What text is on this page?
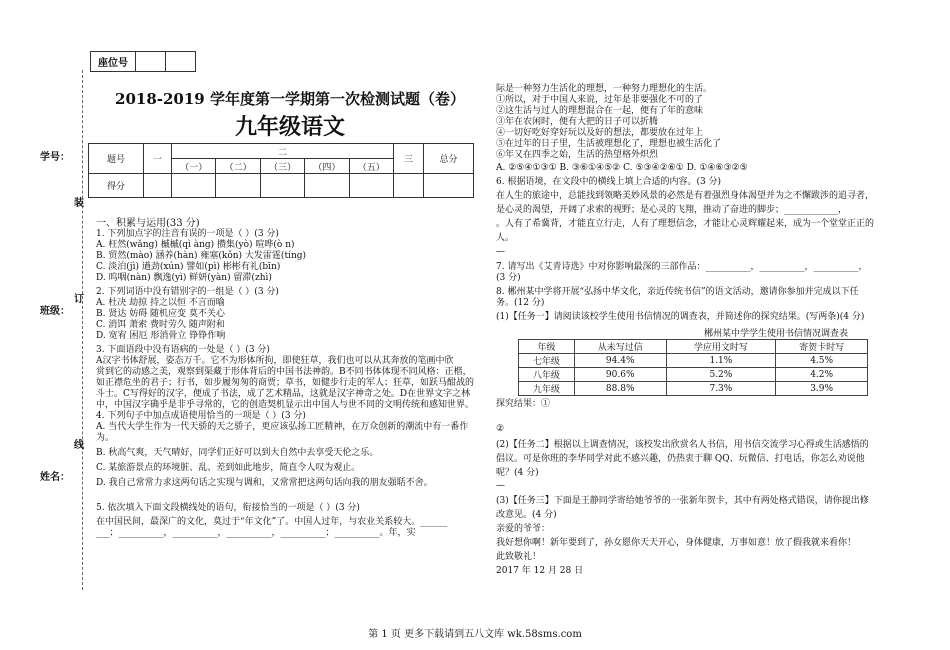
座位号		
学号：
班级：
姓名：
装
订
线
2018-2019 学年度第一学期第一次检测试题（卷）
九年级语文
题号	一	二					三	总分
		（一）	（二）	（三）	（四）	（五）		
得分								
一、积累与运用(33 分)
1. 下列加点字的注音有误的一项是（ ）(3 分)
A. 枉然(wǎng) 槭槭(qì àng) 攒集(yò) 喧哗(ò n)
B. 贸然(mào) 涵养(hàn) 雍塞(kǒn) 大发雷霆(tíng)
C. 淡泊(jì) 遒劲(xún) 譬如(pì) 彬彬有礼(bīn)
D. 呜咽(nàn) 飘逸(yì) 鲜妍(yàn) 留滞(zhì)
2. 下列词语中没有错别字的一组是（ ）(3 分)
A. 杜决 劫掠 持之以恒 不言而喻
B. 贤达 妨碍 随机应变 莫不关心
C. 消饵 萧索 费时劳久 随声附和
D. 宽宥 困厄 形消骨立 铮铮作响
3. 下面语段中没有语病的一处是（ ）(3 分)
A汉字书体舒展，姿态万千。它不为形体所拘，即使狂草，我们也可以从其奔放的笔画中欣
赏到它的动感之美，观察到渠藏于形体背后的中国书法神韵。B不同书体体现不同风格：正楷，
如正襟危坐的君子；行书，如步履匆匆的商贾；草书，如健步行走的军人；狂草，如跃马酣战的
斗士。C写得好的汉字，便成了书法，成了艺术精品，这就是汉字神奇之处。D在世界文字之林
中，中国汉字确乎是非乎寻常的，它的创造契机显示出中国人与世不同的文明传统和感知世界。
4. 下列句子中加点成语使用恰当的一项是（ ）(3 分)
A. 当代大学生作为一代天骄的天之骄子，更应该弘扬工匠精神，在万众创新的潮流中有一番作
为。
B. 秋高气爽，天气晴好，同学们正好可以到大自然中去享受天伦之乐。
C. 某旅游景点的环境脏、乱、差到如此地步，简直令人叹为观止。
D. 我自己常常力求这两句话之实现与调和，又常常把这两句话向我的朋友强聒不舍。
5. 依次填入下面文段横线处的语句，衔接恰当的一项是（ ）(3 分)
在中国民间，最深广的文化，莫过于“年文化”了。中国人过年，与农业关系较大。______
___；__________，__________，__________，__________；__________。年，实
际是一种努力生活化的理想，一种努力理想化的生活。
①所以，对于中国人来说，过年是非要强化不可的了
②这生活与过人的理想混合在一起，便有了年的意味
③年在农闲时，便有大把的日子可以折腾
④一切好吃好穿好玩以及好的想法，都要放在过年上
⑤在过年的日子里，生活被理想化了，理想也被生活化了
⑥年又在四季之始，生活的热望格外炽烈
A. ②⑤④①③① B. ③⑥①④⑤② C. ⑤③④②⑥① D. ①④⑥③②⑤
6. 根据语境，在文段中的横线上填上合适的内容。(3 分)
在人生的旅途中，总能找到领略美妙风景的必然是有着强烈身体渴望并为之不懈跋涉的追寻者，
是心灵的渴望，开阔了求索的视野；是心灵的飞翔，推动了奋进的脚步；____________，
。人有了希冀背，才能直立行走，人有了理想信念，才能让心灵辉耀起来，成为一个堂堂正正的
人。
—
7. 请写出《艾青诗选》中对你影响最深的三部作品：__________，__________，__________，
(3 分)
8. 郴州某中学将开展“弘扬中华文化，亲近传统书信”的语文活动，邀请你参加并完成以下任
务。(12 分)
(1)【任务一】请阅读该校学生使用书信情况的调查表，并简述你的探究结果。(写两条)(4 分)
郴州某中学学生使用书信情况调查表
年级	从未写过信	学应用文时写	寄贺卡时写
七年级	94.4%	1.1%	4.5%
八年级	90.6%	5.2%	4.2%
九年级	88.8%	7.3%	3.9%
探究结果：①
②
(2)【任务二】根据以上调查情况，该校发出欣赏名人书信，用书信交流学习心得或生活感悟的
倡议。可是你班的李华同学对此不感兴趣，仍热衷于聊 QQ、玩微信、打电话，你怎么劝说他
呢？(4 分)
—
(3)【任务三】下面是王静同学寄给她爷爷的一张新年贺卡，其中有两处格式错误，请你提出修
改意见。(4 分)
亲爱的爷爷：
我好想你啊！新年要到了，孙女愿你天天开心，身体健康，万事如意！放了假我就来看你！
此致敬礼！
2017 年 12 月 28 日
第 1 页 更多下载请到五八文库 wk.58sms.com
